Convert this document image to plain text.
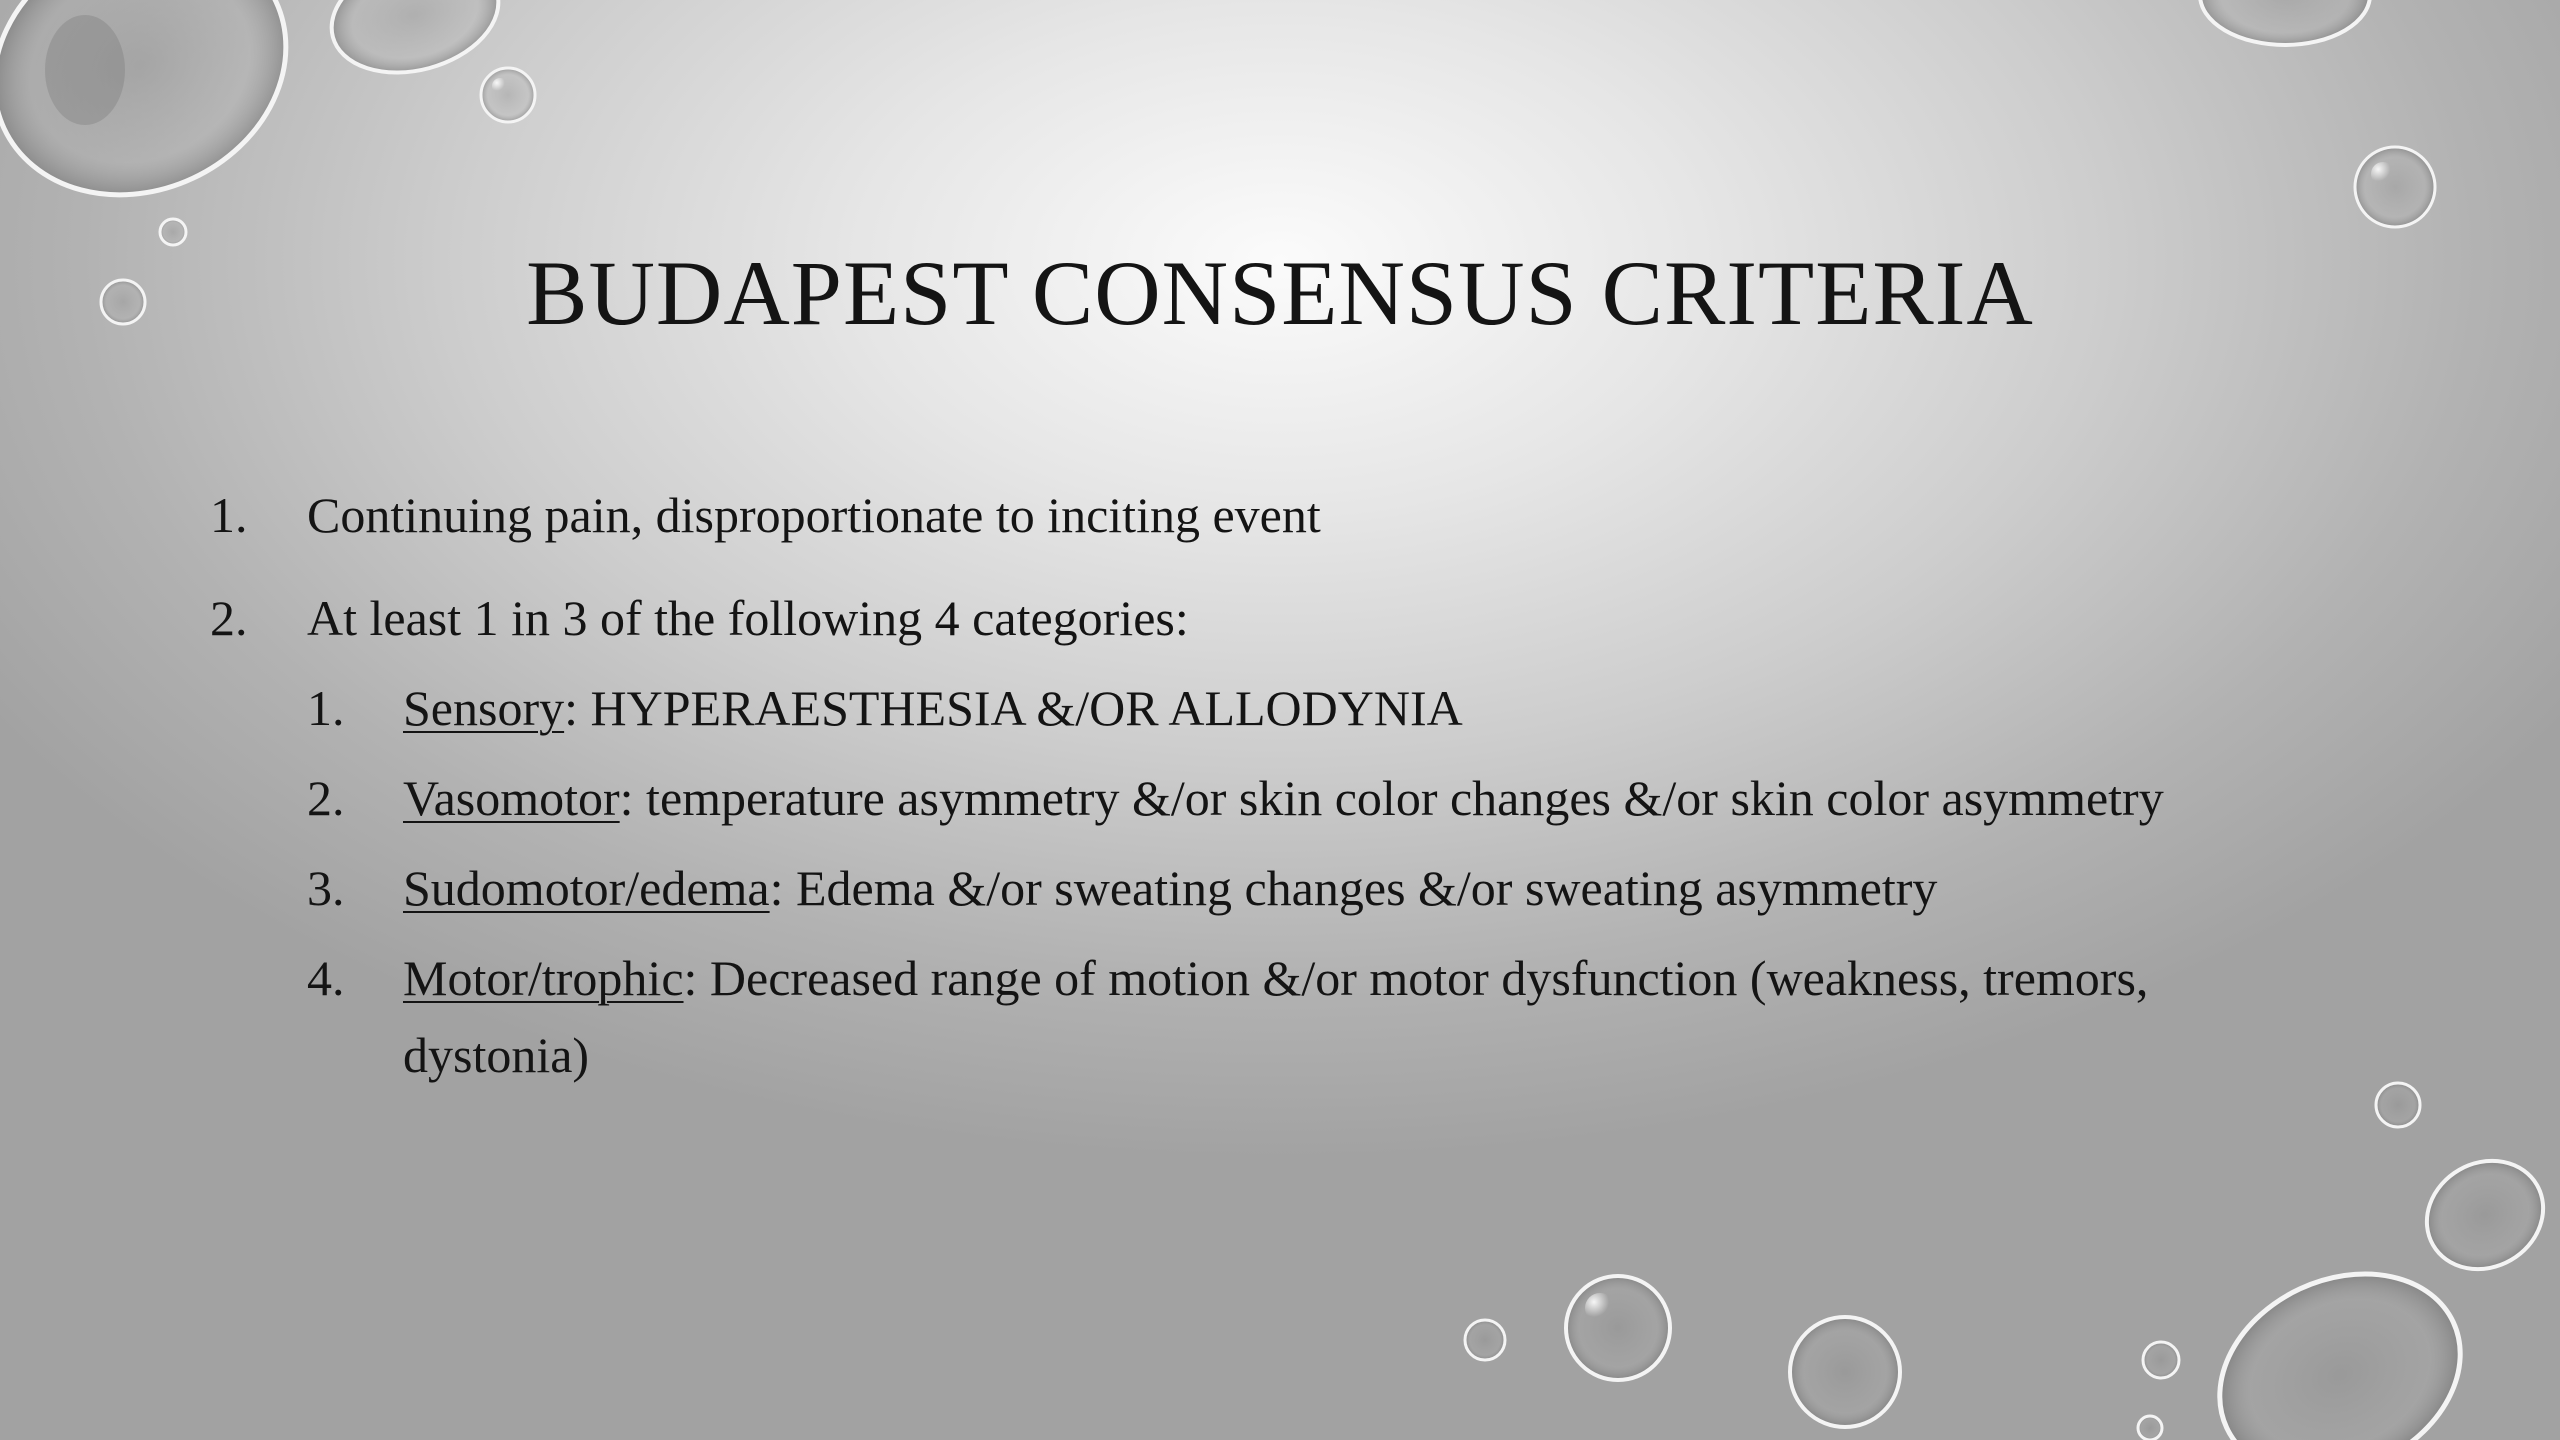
BUDAPEST CONSENSUS CRITERIA
1.	Continuing pain, disproportionate to inciting event
2.	At least 1 in 3 of the following 4 categories:
1.	Sensory: HYPERAESTHESIA &/OR ALLODYNIA
2.	Vasomotor: temperature asymmetry &/or skin color changes &/or skin color asymmetry
3.	Sudomotor/edema: Edema &/or sweating changes &/or sweating asymmetry
4.	Motor/trophic: Decreased range of motion &/or motor dysfunction (weakness, tremors,
dystonia)
